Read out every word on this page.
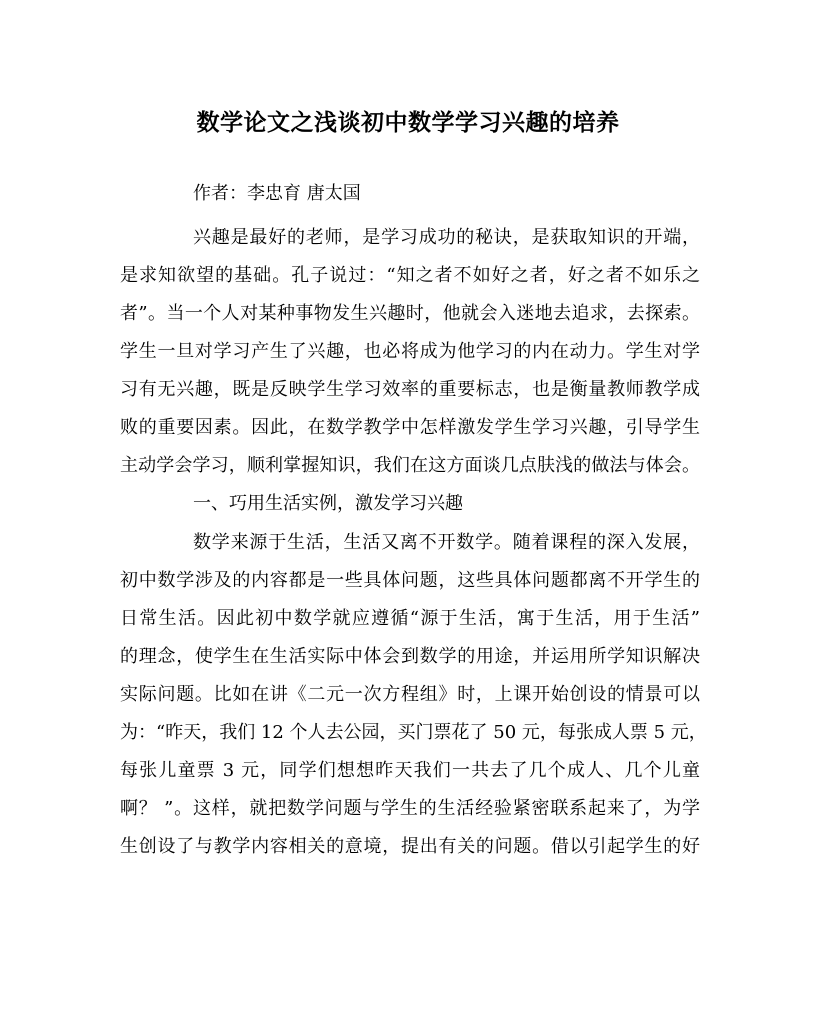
数学论文之浅谈初中数学学习兴趣的培养
作者：李忠育 唐太国
兴趣是最好的老师，是学习成功的秘诀，是获取知识的开端，
是求知欲望的基础。孔子说过：“知之者不如好之者，好之者不如乐之
者”。当一个人对某种事物发生兴趣时，他就会入迷地去追求，去探索。
学生一旦对学习产生了兴趣，也必将成为他学习的内在动力。学生对学
习有无兴趣，既是反映学生学习效率的重要标志，也是衡量教师教学成
败的重要因素。因此，在数学教学中怎样激发学生学习兴趣，引导学生
主动学会学习，顺利掌握知识，我们在这方面谈几点肤浅的做法与体会。
一、巧用生活实例，激发学习兴趣
数学来源于生活，生活又离不开数学。随着课程的深入发展，
初中数学涉及的内容都是一些具体问题，这些具体问题都离不开学生的
日常生活。因此初中数学就应遵循“源于生活，寓于生活，用于生活”
的理念，使学生在生活实际中体会到数学的用途，并运用所学知识解决
实际问题。比如在讲《二元一次方程组》时，上课开始创设的情景可以
为：“昨天，我们 12 个人去公园，买门票花了 50 元，每张成人票 5 元，
每张儿童票 3 元，同学们想想昨天我们一共去了几个成人、几个儿童
啊？ ”。这样，就把数学问题与学生的生活经验紧密联系起来了，为学
生创设了与教学内容相关的意境，提出有关的问题。借以引起学生的好
